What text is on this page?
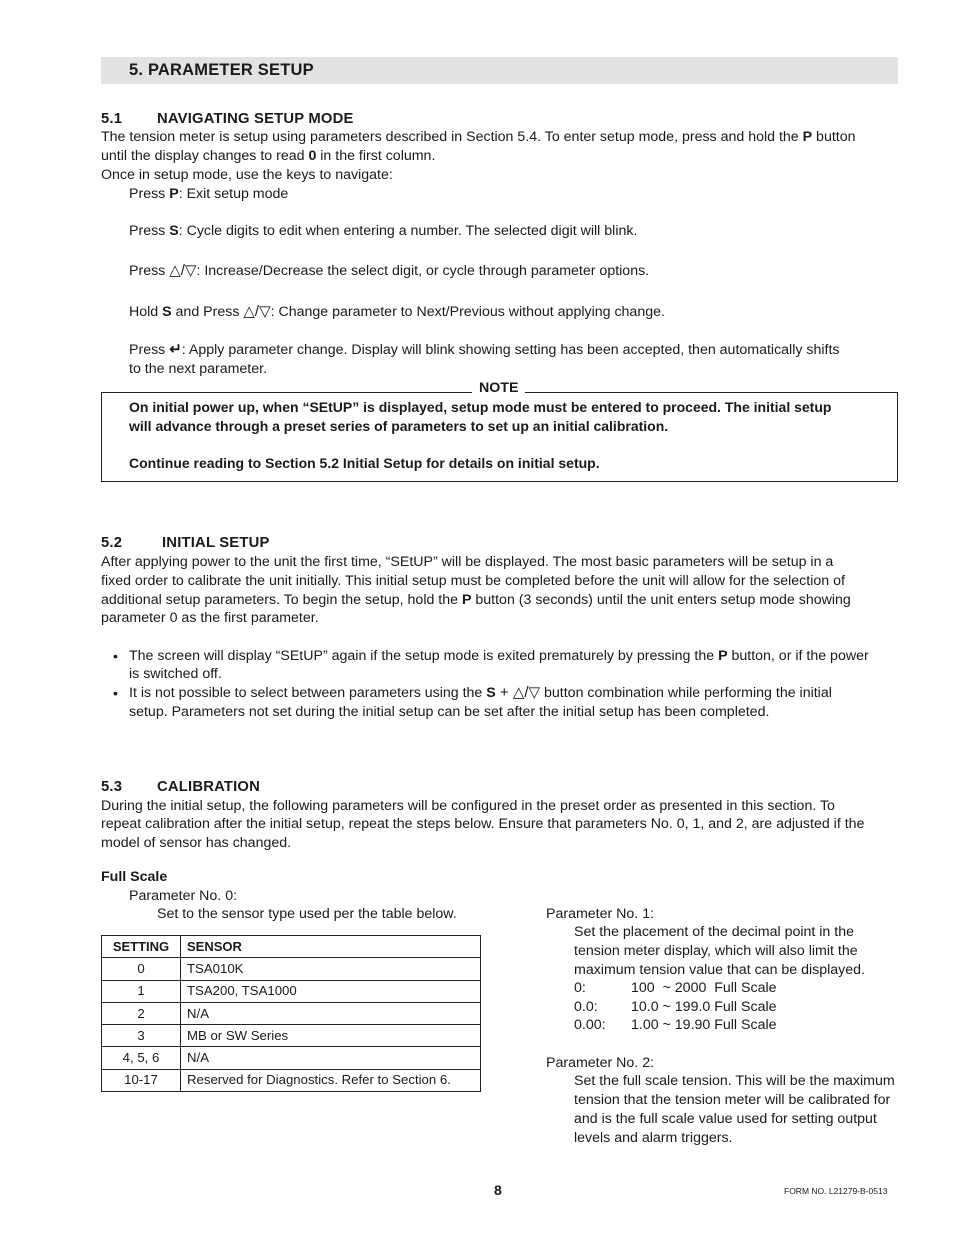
5. PARAMETER SETUP
5.1 NAVIGATING SETUP MODE
The tension meter is setup using parameters described in Section 5.4. To enter setup mode, press and hold the P button
until the display changes to read 0 in the first column.
Once in setup mode, use the keys to navigate:
Press P: Exit setup mode
Press S: Cycle digits to edit when entering a number. The selected digit will blink.
Press △/▽: Increase/Decrease the select digit, or cycle through parameter options.
Hold S and Press △/▽: Change parameter to Next/Previous without applying change.
Press ↵: Apply parameter change. Display will blink showing setting has been accepted, then automatically shifts
to the next parameter.
NOTE
On initial power up, when “SEtUP” is displayed, setup mode must be entered to proceed. The initial setup
will advance through a preset series of parameters to set up an initial calibration.
Continue reading to Section 5.2 Initial Setup for details on initial setup.
5.2	INITIAL SETUP
After applying power to the unit the first time, “SEtUP” will be displayed. The most basic parameters will be setup in a
fixed order to calibrate the unit initially. This initial setup must be completed before the unit will allow for the selection of
additional setup parameters. To begin the setup, hold the P button (3 seconds) until the unit enters setup mode showing
parameter 0 as the first parameter.
• The screen will display “SEtUP” again if the setup mode is exited prematurely by pressing the P button, or if the power
is switched off.
• It is not possible to select between parameters using the S + △/▽ button combination while performing the initial
setup. Parameters not set during the initial setup can be set after the initial setup has been completed.
5.3 CALIBRATION
During the initial setup, the following parameters will be configured in the preset order as presented in this section. To
repeat calibration after the initial setup, repeat the steps below. Ensure that parameters No. 0, 1, and 2, are adjusted if the
model of sensor has changed.
Full Scale
Parameter No. 0:
Set to the sensor type used per the table below.
SETTING	SENSOR
0	TSA010K
1	TSA200, TSA1000
2	N/A
3	MB or SW Series
4, 5, 6	N/A
10-17	Reserved for Diagnostics. Refer to Section 6.
Parameter No. 1:
Set the placement of the decimal point in the
tension meter display, which will also limit the
maximum tension value that can be displayed.
0:	100  ~ 2000  Full Scale
0.0: 10.0 ~ 199.0 Full Scale
0.00: 1.00 ~ 19.90 Full Scale
Parameter No. 2:
Set the full scale tension. This will be the maximum
tension that the tension meter will be calibrated for
and is the full scale value used for setting output
levels and alarm triggers.
8	FORM NO. L21279-B-0513
